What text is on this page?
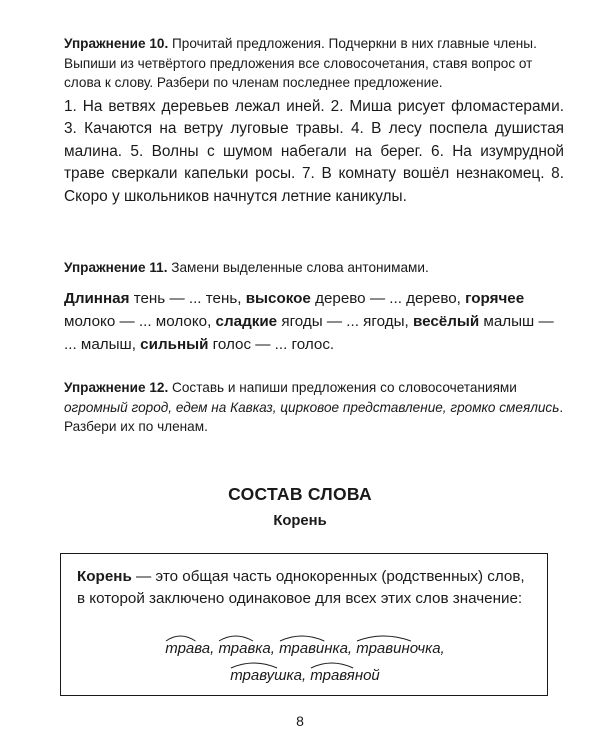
Упражнение 10. Прочитай предложения. Подчеркни в них главные члены. Выпиши из четвёртого предложения все словосочетания, ставя вопрос от слова к слову. Разбери по членам последнее предложение.
1. На ветвях деревьев лежал иней. 2. Миша рисует фломастерами. 3. Качаются на ветру луговые травы. 4. В лесу поспела душистая малина. 5. Волны с шумом набегали на берег. 6. На изумрудной траве сверкали капельки росы. 7. В комнату вошёл незнакомец. 8. Скоро у школьников начнутся летние каникулы.
Упражнение 11. Замени выделенные слова антонимами.
Длинная тень — ... тень, высокое дерево — ... дерево, горячее молоко — ... молоко, сладкие ягоды — ... ягоды, весёлый малыш — ... малыш, сильный голос — ... голос.
Упражнение 12. Составь и напиши предложения со словосочетаниями огромный город, едем на Кавказ, цирковое представление, громко смеялись. Разбери их по членам.
СОСТАВ СЛОВА
Корень
Корень — это общая часть однокоренных (родственных) слов, в которой заключено одинаковое для всех этих слов значение:
трава, травка, травинка, травиночка,
травушка, травяной
8
